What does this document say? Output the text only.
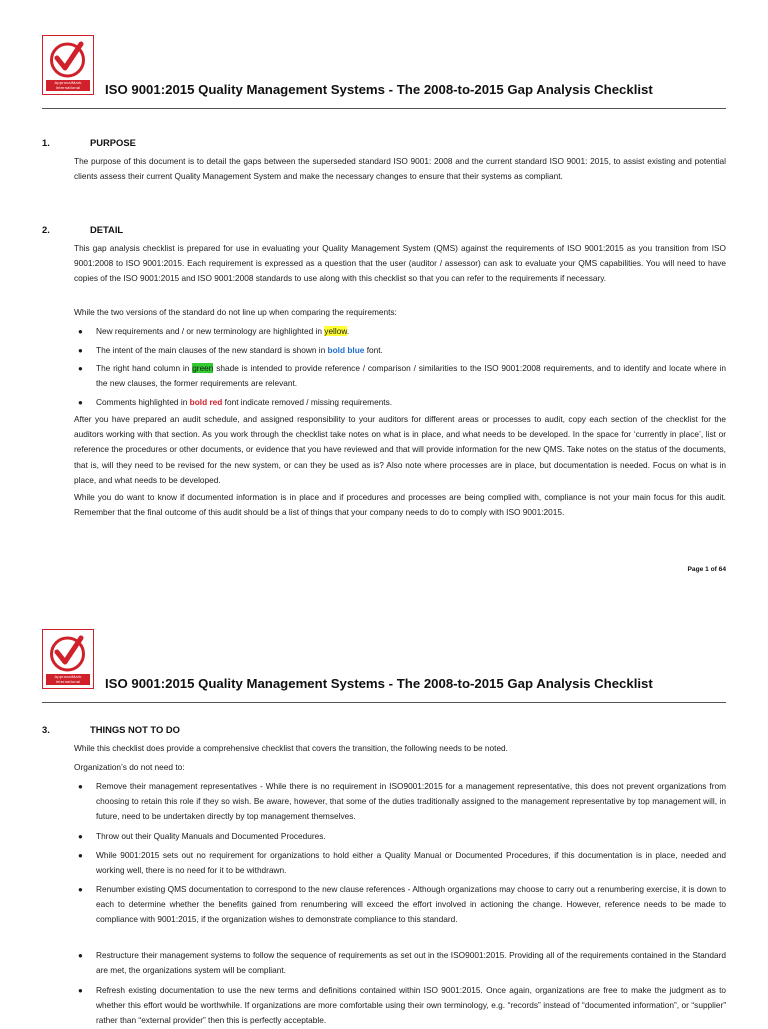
ApprovalMark International	ISO 9001:2015 Quality Management Systems - The 2008-to-2015 Gap Analysis Checklist
1.	PURPOSE
The purpose of this document is to detail the gaps between the superseded standard ISO 9001: 2008 and the current standard ISO 9001: 2015, to assist existing and potential clients assess their current Quality Management System and make the necessary changes to ensure that their systems as compliant.
2.	DETAIL
This gap analysis checklist is prepared for use in evaluating your Quality Management System (QMS) against the requirements of ISO 9001:2015 as you transition from ISO 9001:2008 to ISO 9001:2015. Each requirement is expressed as a question that the user (auditor / assessor) can ask to evaluate your QMS capabilities. You will need to have copies of the ISO 9001:2015 and ISO 9001:2008 standards to use along with this checklist so that you can refer to the requirements if necessary.
While the two versions of the standard do not line up when comparing the requirements:
● New requirements and / or new terminology are highlighted in yellow.
● The intent of the main clauses of the new standard is shown in bold blue font.
● The right hand column in green shade is intended to provide reference / comparison / similarities to the ISO 9001:2008 requirements, and to identify and locate where in the new clauses, the former requirements are relevant.
● Comments highlighted in bold red font indicate removed / missing requirements.
After you have prepared an audit schedule, and assigned responsibility to your auditors for different areas or processes to audit, copy each section of the checklist for the auditors working with that section. As you work through the checklist take notes on what is in place, and what needs to be developed. In the space for ‘currently in place’, list or reference the procedures or other documents, or evidence that you have reviewed and that will provide information for the new QMS. Take notes on the status of the documents, that is, will they need to be revised for the new system, or can they be used as is? Also note where processes are in place, but documentation is needed. Focus on what is in place, and what needs to be developed.
While you do want to know if documented information is in place and if procedures and processes are being complied with, compliance is not your main focus for this audit. Remember that the final outcome of this audit should be a list of things that your company needs to do to comply with ISO 9001:2015.
Page 1 of 64
ApprovalMark International	ISO 9001:2015 Quality Management Systems - The 2008-to-2015 Gap Analysis Checklist
3.	THINGS NOT TO DO
While this checklist does provide a comprehensive checklist that covers the transition, the following needs to be noted.
Organization’s do not need to:
● Remove their management representatives - While there is no requirement in ISO9001:2015 for a management representative, this does not prevent organizations from choosing to retain this role if they so wish. Be aware, however, that some of the duties traditionally assigned to the management representative by top management will, in future, need to be undertaken directly by top management themselves.
● Throw out their Quality Manuals and Documented Procedures.
● While 9001:2015 sets out no requirement for organizations to hold either a Quality Manual or Documented Procedures, if this documentation is in place, needed and working well, there is no need for it to be withdrawn.
● Renumber existing QMS documentation to correspond to the new clause references - Although organizations may choose to carry out a renumbering exercise, it is down to each to determine whether the benefits gained from renumbering will exceed the effort involved in actioning the change. However, reference needs to be made to compliance with 9001:2015, if the organization wishes to demonstrate compliance to this standard.
● Restructure their management systems to follow the sequence of requirements as set out in the ISO9001:2015. Providing all of the requirements contained in the Standard are met, the organizations system will be compliant.
● Refresh existing documentation to use the new terms and definitions contained within ISO 9001:2015. Once again, organizations are free to make the judgment as to whether this effort would be worthwhile. If organizations are more comfortable using their own terminology, e.g. “records” instead of “documented information”, or “supplier” rather than “external provider” then this is perfectly acceptable.
